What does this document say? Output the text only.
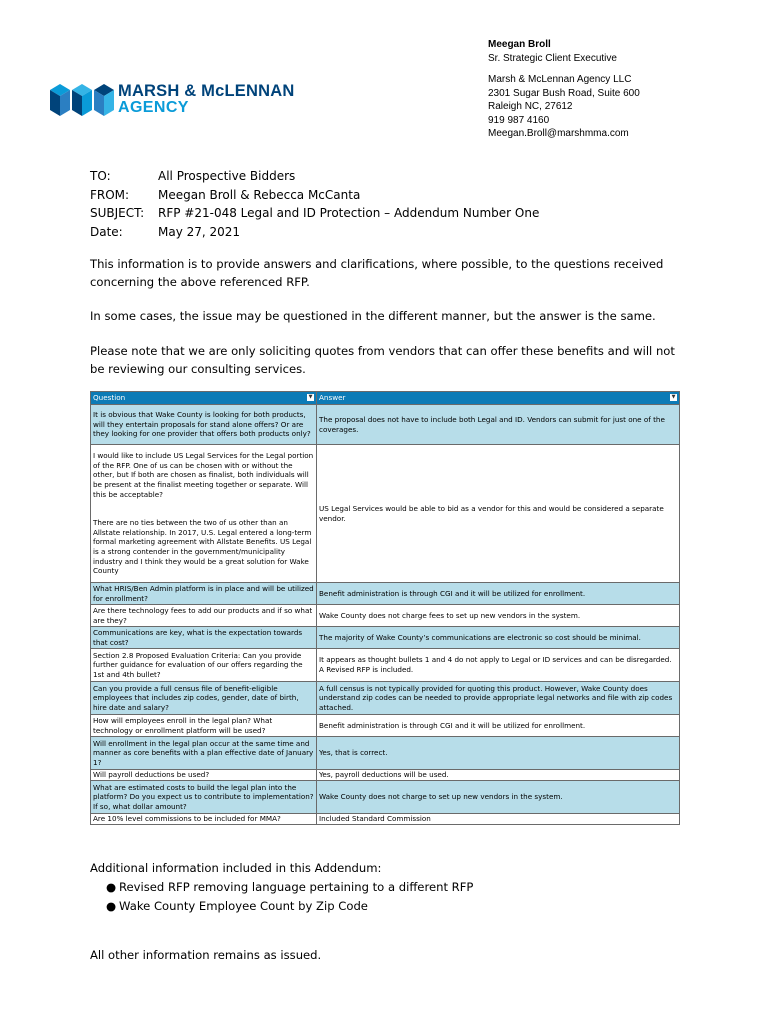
MARSH & McLENNAN
AGENCY
Meegan Broll
Sr. Strategic Client Executive
Marsh & McLennan Agency LLC
2301 Sugar Bush Road, Suite 600
Raleigh NC, 27612
919 987 4160
Meegan.Broll@marshmma.com
TO:	All Prospective Bidders
FROM:	Meegan Broll & Rebecca McCanta
SUBJECT:	RFP #21-048 Legal and ID Protection – Addendum Number One
Date:	May 27, 2021
This information is to provide answers and clarifications, where possible, to the questions received concerning the above referenced RFP.
In some cases, the issue may be questioned in the different manner, but the answer is the same.
Please note that we are only soliciting quotes from vendors that can offer these benefits and will not be reviewing our consulting services.
Question ▼	Answer ▼

It is obvious that Wake County is looking for both products, will they entertain proposals for stand alone offers? Or are they looking for one provider that offers both products only?	The proposal does not have to include both Legal and ID. Vendors can submit for just one of the coverages.

I would like to include US Legal Services for the Legal portion of the RFP. One of us can be chosen with or without the other, but If both are chosen as finalist, both individuals will be present at the finalist meeting together or separate. Will this be acceptable?
There are no ties between the two of us other than an Allstate relationship. In 2017, U.S. Legal entered a long-term formal marketing agreement with Allstate Benefits. US Legal is a strong contender in the government/municipality industry and I think they would be a great solution for Wake County	US Legal Services would be able to bid as a vendor for this and would be considered a separate vendor.
What HRIS/Ben Admin platform is in place and will be utilized for enrollment?	Benefit administration is through CGI and it will be utilized for enrollment.
Are there technology fees to add our products and if so what are they?	Wake County does not charge fees to set up new vendors in the system.
Communications are key, what is the expectation towards that cost?	The majority of Wake County’s communications are electronic so cost should be minimal.
Section 2.8 Proposed Evaluation Criteria: Can you provide further guidance for evaluation of our offers regarding the 1st and 4th bullet?	It appears as thought bullets 1 and 4 do not apply to Legal or ID services and can be disregarded. A Revised RFP is included.
Can you provide a full census file of benefit-eligible employees that includes zip codes, gender, date of birth, hire date and salary?	A full census is not typically provided for quoting this product. However, Wake County does understand zip codes can be needed to provide appropriate legal networks and file with zip codes attached.
How will employees enroll in the legal plan? What technology or enrollment platform will be used?	Benefit administration is through CGI and it will be utilized for enrollment.
Will enrollment in the legal plan occur at the same time and manner as core benefits with a plan effective date of January 1?	Yes, that is correct.
Will payroll deductions be used?	Yes, payroll deductions will be used.
What are estimated costs to build the legal plan into the platform? Do you expect us to contribute to implementation? If so, what dollar amount?	Wake County does not charge to set up new vendors in the system.
Are 10% level commissions to be included for MMA?	Included Standard Commission
Additional information included in this Addendum:
● Revised RFP removing language pertaining to a different RFP
● Wake County Employee Count by Zip Code
All other information remains as issued.
